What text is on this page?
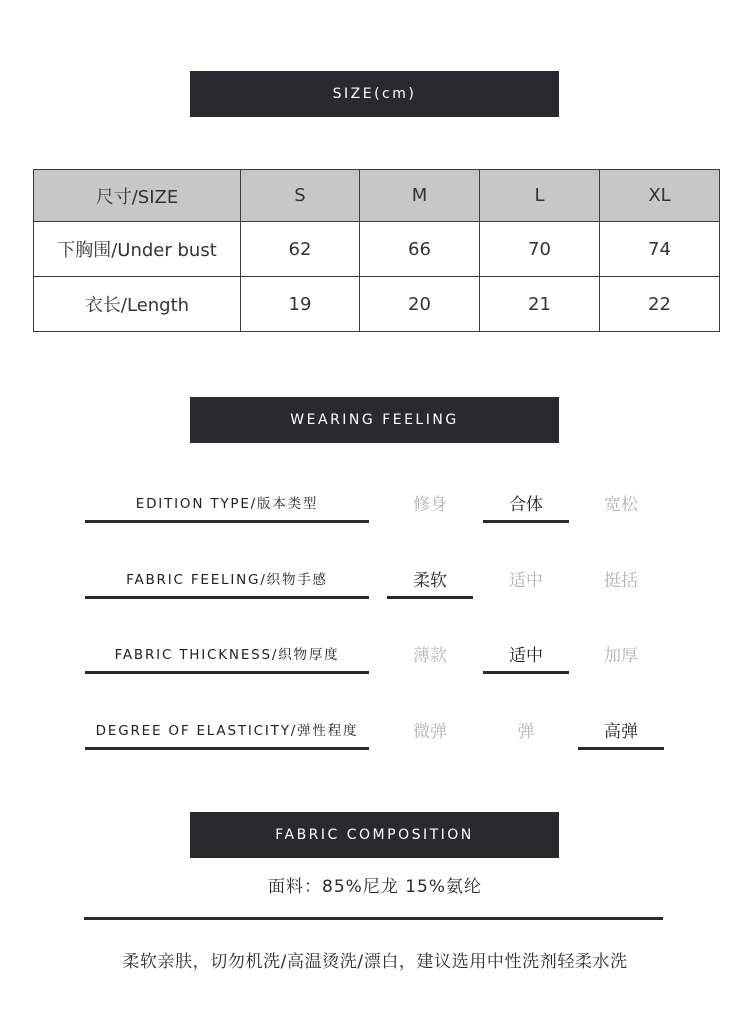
SIZE(cm)
尺寸/SIZE	S	M	L	XL
下胸围/Under bust	62	66	70	74
衣长/Length	19	20	21	22
WEARING FEELING
EDITION TYPE/版本类型	修身	合体	宽松
FABRIC FEELING/织物手感	柔软	适中	挺括
FABRIC THICKNESS/织物厚度	薄款	适中	加厚
DEGREE OF ELASTICITY/弹性程度	微弹	弹	高弹
FABRIC COMPOSITION
面料：85%尼龙 15%氨纶
柔软亲肤，切勿机洗/高温烫洗/漂白，建议选用中性洗剂轻柔水洗
